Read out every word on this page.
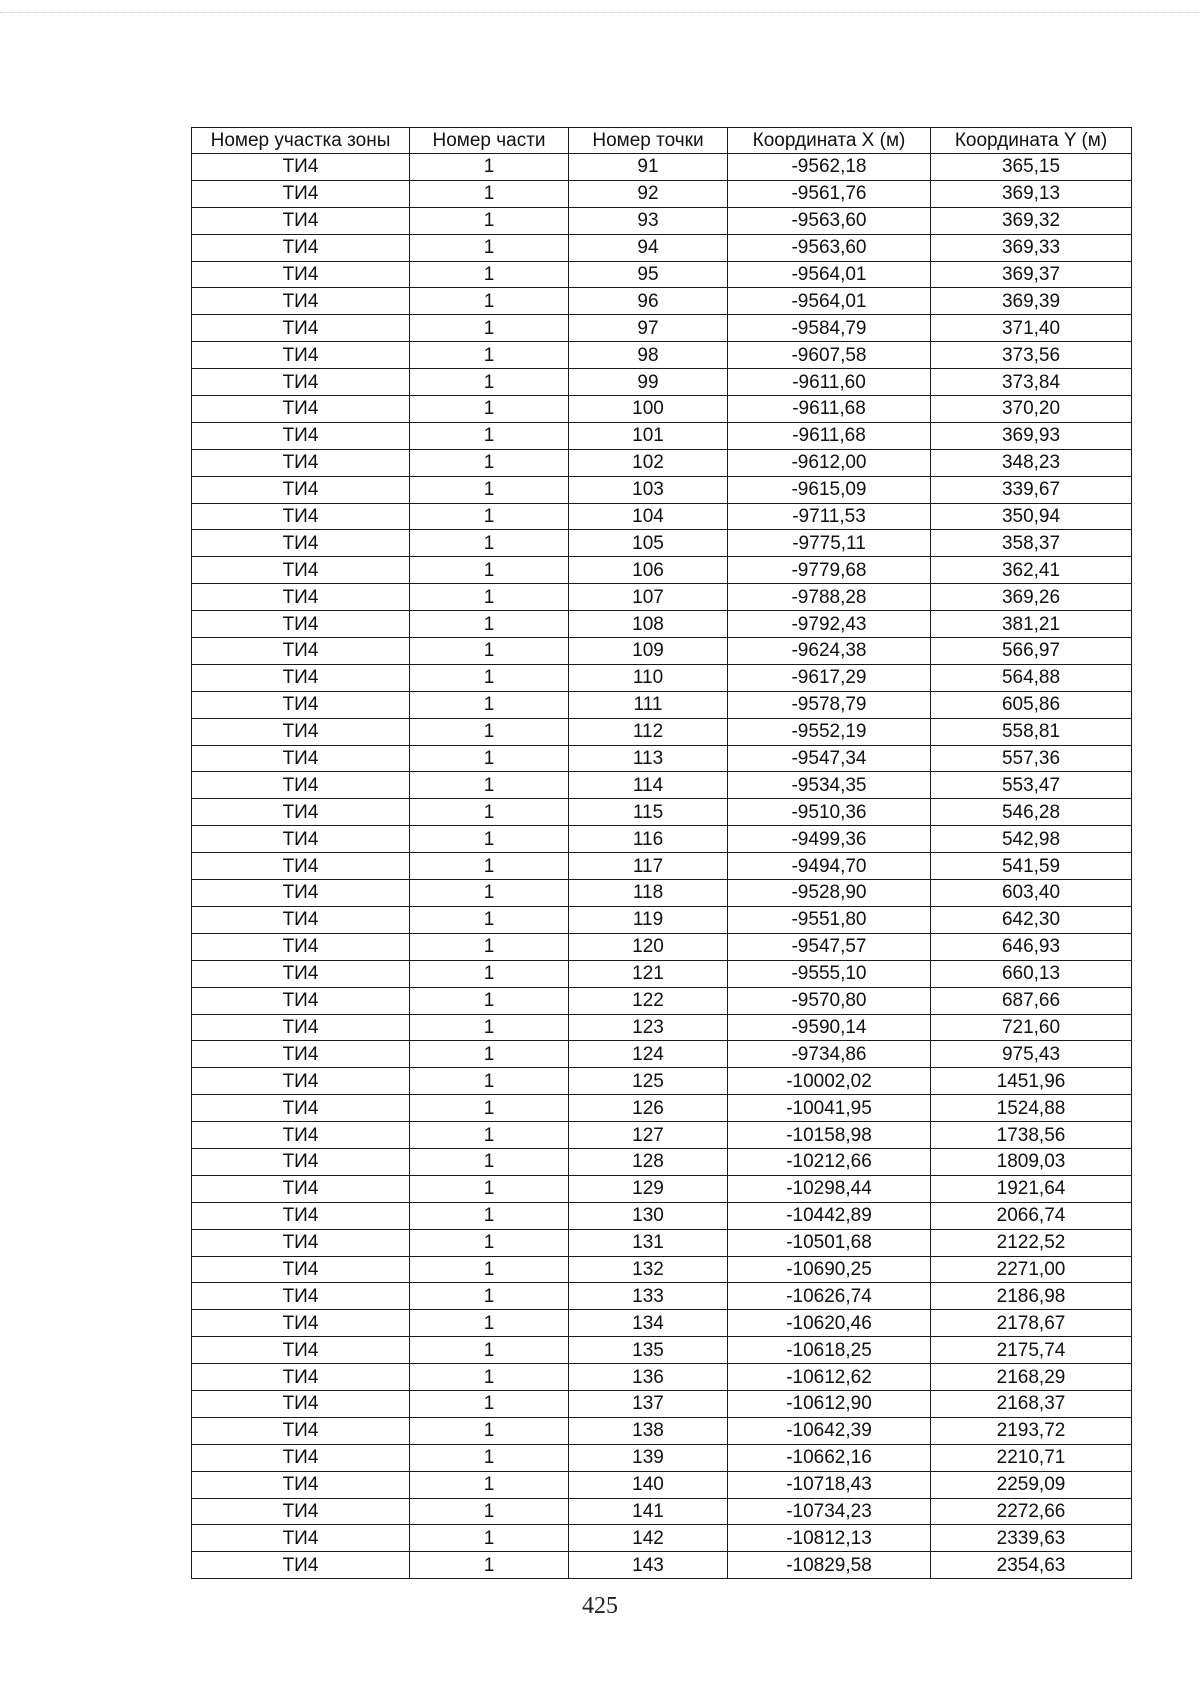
Номер участка зоны	Номер части	Номер точки	Координата X (м)	Координата Y (м)
ТИ4	1	91	-9562,18	365,15
ТИ4	1	92	-9561,76	369,13
ТИ4	1	93	-9563,60	369,32
ТИ4	1	94	-9563,60	369,33
ТИ4	1	95	-9564,01	369,37
ТИ4	1	96	-9564,01	369,39
ТИ4	1	97	-9584,79	371,40
ТИ4	1	98	-9607,58	373,56
ТИ4	1	99	-9611,60	373,84
ТИ4	1	100	-9611,68	370,20
ТИ4	1	101	-9611,68	369,93
ТИ4	1	102	-9612,00	348,23
ТИ4	1	103	-9615,09	339,67
ТИ4	1	104	-9711,53	350,94
ТИ4	1	105	-9775,11	358,37
ТИ4	1	106	-9779,68	362,41
ТИ4	1	107	-9788,28	369,26
ТИ4	1	108	-9792,43	381,21
ТИ4	1	109	-9624,38	566,97
ТИ4	1	110	-9617,29	564,88
ТИ4	1	111	-9578,79	605,86
ТИ4	1	112	-9552,19	558,81
ТИ4	1	113	-9547,34	557,36
ТИ4	1	114	-9534,35	553,47
ТИ4	1	115	-9510,36	546,28
ТИ4	1	116	-9499,36	542,98
ТИ4	1	117	-9494,70	541,59
ТИ4	1	118	-9528,90	603,40
ТИ4	1	119	-9551,80	642,30
ТИ4	1	120	-9547,57	646,93
ТИ4	1	121	-9555,10	660,13
ТИ4	1	122	-9570,80	687,66
ТИ4	1	123	-9590,14	721,60
ТИ4	1	124	-9734,86	975,43
ТИ4	1	125	-10002,02	1451,96
ТИ4	1	126	-10041,95	1524,88
ТИ4	1	127	-10158,98	1738,56
ТИ4	1	128	-10212,66	1809,03
ТИ4	1	129	-10298,44	1921,64
ТИ4	1	130	-10442,89	2066,74
ТИ4	1	131	-10501,68	2122,52
ТИ4	1	132	-10690,25	2271,00
ТИ4	1	133	-10626,74	2186,98
ТИ4	1	134	-10620,46	2178,67
ТИ4	1	135	-10618,25	2175,74
ТИ4	1	136	-10612,62	2168,29
ТИ4	1	137	-10612,90	2168,37
ТИ4	1	138	-10642,39	2193,72
ТИ4	1	139	-10662,16	2210,71
ТИ4	1	140	-10718,43	2259,09
ТИ4	1	141	-10734,23	2272,66
ТИ4	1	142	-10812,13	2339,63
ТИ4	1	143	-10829,58	2354,63
425
